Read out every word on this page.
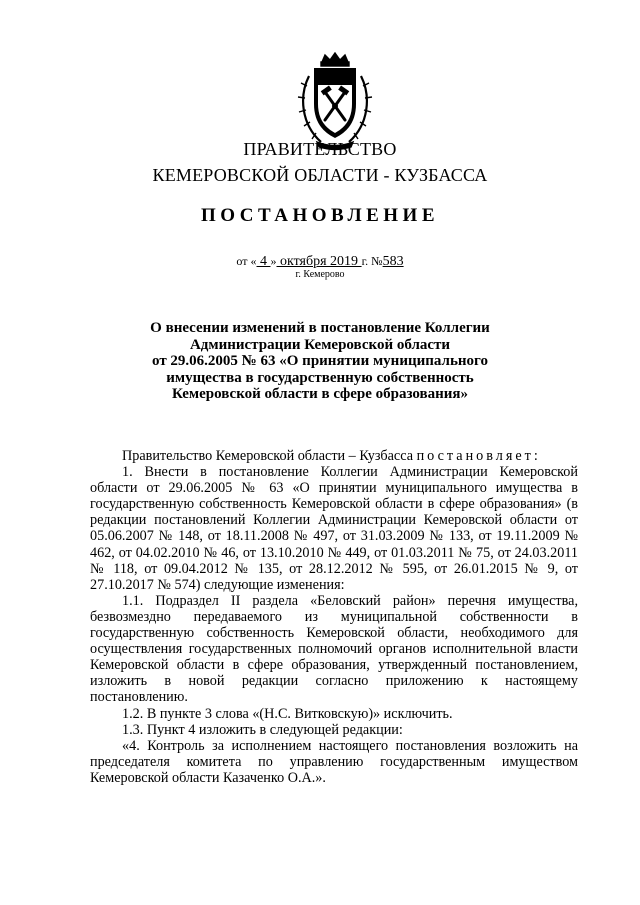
ПРАВИТЕЛЬСТВО
КЕМЕРОВСКОЙ ОБЛАСТИ - КУЗБАССА
ПОСТАНОВЛЕНИЕ
от « 4 » октября 2019 г. №583
г. Кемерово
О внесении изменений в постановление Коллегии
Администрации Кемеровской области
от 29.06.2005 № 63 «О принятии муниципального
имущества в государственную собственность
Кемеровской области в сфере образования»

Правительство Кемеровской области – Кузбасса постановляет:

1. Внести в постановление Коллегии Администрации Кемеровской области от 29.06.2005 № 63 «О принятии муниципального имущества в государственную собственность Кемеровской области в сфере образования» (в редакции постановлений Коллегии Администрации Кемеровской области от 05.06.2007 № 148, от 18.11.2008 № 497, от 31.03.2009 № 133, от 19.11.2009 № 462, от 04.02.2010 № 46, от 13.10.2010 № 449, от 01.03.2011 № 75, от 24.03.2011 № 118, от 09.04.2012 № 135, от 28.12.2012 № 595, от 26.01.2015 № 9, от 27.10.2017 № 574) следующие изменения:

1.1. Подраздел II раздела «Беловский район» перечня имущества, безвозмездно передаваемого из муниципальной собственности в государственную собственность Кемеровской области, необходимого для осуществления государственных полномочий органов исполнительной власти Кемеровской области в сфере образования, утвержденный постановлением, изложить в новой редакции согласно приложению к настоящему постановлению.

1.2. В пункте 3 слова «(Н.С. Витковскую)» исключить.

1.3. Пункт 4 изложить в следующей редакции:

«4. Контроль за исполнением настоящего постановления возложить на председателя комитета по управлению государственным имуществом Кемеровской области Казаченко О.А.».
